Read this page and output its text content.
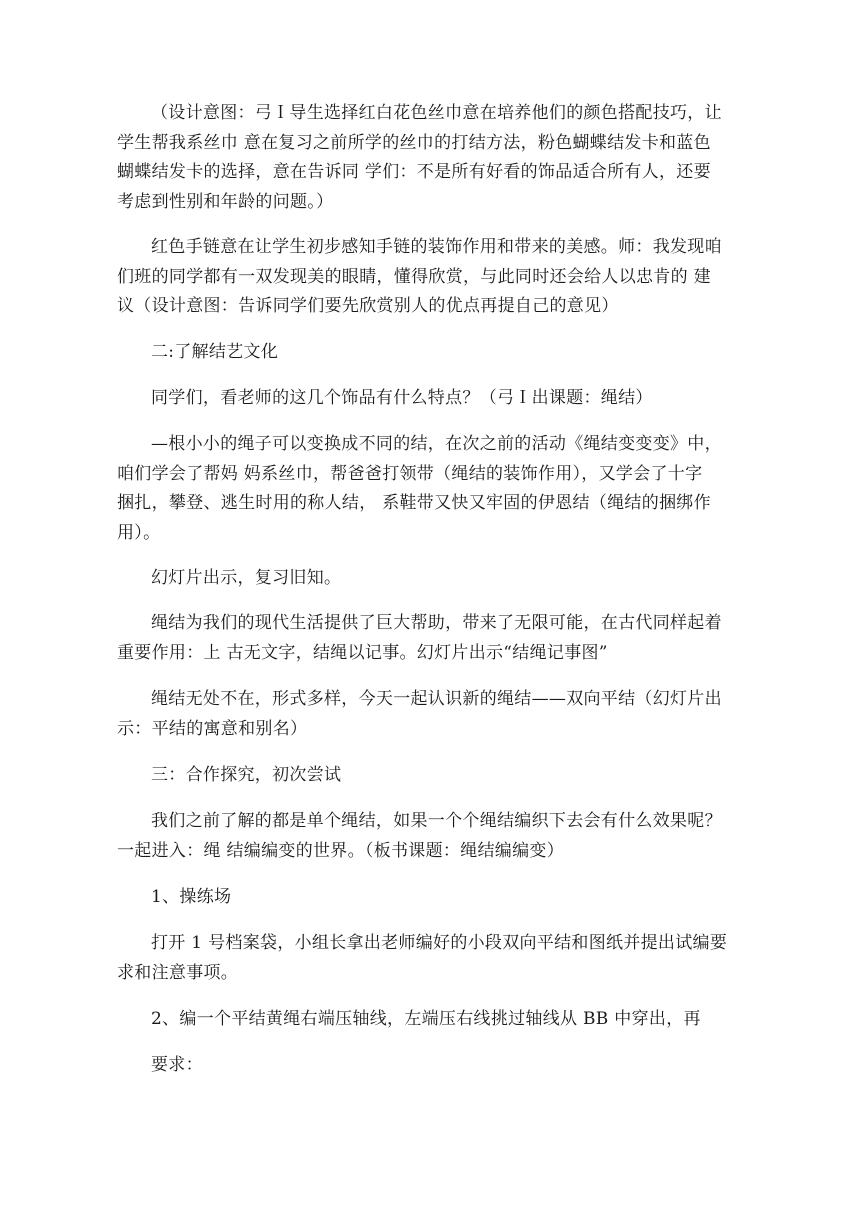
（设计意图：弓Ｉ导生选择红白花色丝巾意在培养他们的颜色搭配技巧，让
学生帮我系丝巾 意在复习之前所学的丝巾的打结方法，粉色蝴蝶结发卡和蓝色
蝴蝶结发卡的选择，意在告诉同 学们：不是所有好看的饰品适合所有人，还要
考虑到性别和年龄的问题。）

红色手链意在让学生初步感知手链的装饰作用和带来的美感。师：我发现咱
们班的同学都有一双发现美的眼睛，懂得欣赏，与此同时还会给人以忠肯的 建
议（设计意图：告诉同学们要先欣赏别人的优点再提自己的意见）

二:了解结艺文化

同学们，看老师的这几个饰品有什么特点？（弓Ｉ出课题：绳结）

—根小小的绳子可以变换成不同的结，在次之前的活动《绳结变变变》中，
咱们学会了帮妈 妈系丝巾，帮爸爸打领带（绳结的装饰作用），又学会了十字
捆扎，攀登、逃生时用的称人结， 系鞋带又快又牢固的伊恩结（绳结的捆绑作
用）。

幻灯片出示，复习旧知。

绳结为我们的现代生活提供了巨大帮助，带来了无限可能，在古代同样起着
重要作用：上 古无文字，结绳以记事。幻灯片出示“结绳记事图”

绳结无处不在，形式多样，今天一起认识新的绳结——双向平结（幻灯片出
示：平结的寓意和别名）

三：合作探究，初次尝试

我们之前了解的都是单个绳结，如果一个个绳结编织下去会有什么效果呢？
一起进入：绳 结编编变的世界。（板书课题：绳结编编变）

1、操练场

打开 1 号档案袋，小组长拿出老师编好的小段双向平结和图纸并提出试编要
求和注意事项。

2、编一个平结黄绳右端压轴线，左端压右线挑过轴线从 BB 中穿出，再

要求：
